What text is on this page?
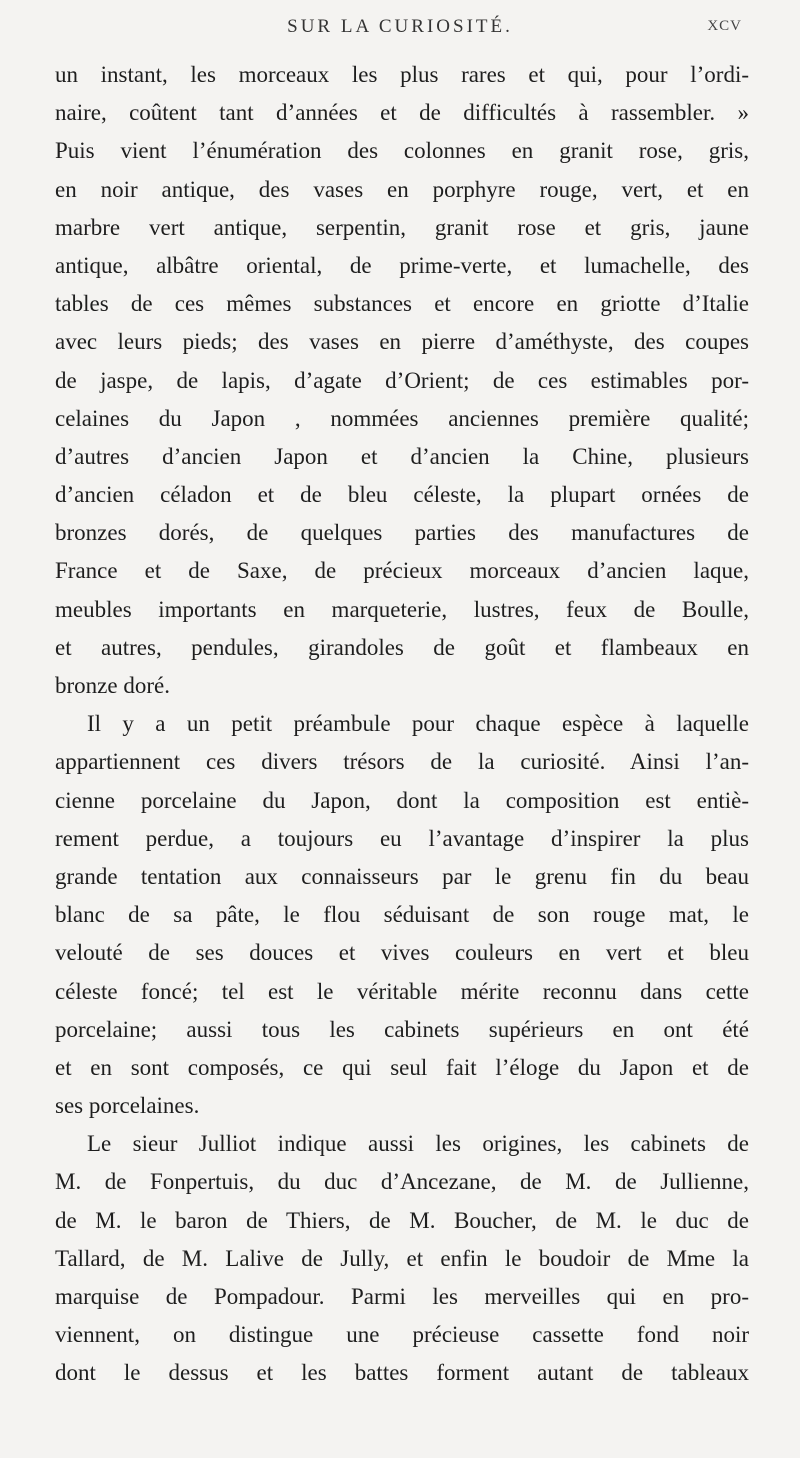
SUR LA CURIOSITÉ.	XCV
un instant, les morceaux les plus rares et qui, pour l’ordi-
naire, coûtent tant d’années et de difficultés à rassembler. »
Puis vient l’énumération des colonnes en granit rose, gris,
en noir antique, des vases en porphyre rouge, vert, et en
marbre vert antique, serpentin, granit rose et gris, jaune
antique, albâtre oriental, de prime-verte, et lumachelle, des
tables de ces mêmes substances et encore en griotte d’Italie
avec leurs pieds; des vases en pierre d’améthyste, des coupes
de jaspe, de lapis, d’agate d’Orient; de ces estimables por-
celaines du Japon , nommées anciennes première qualité;
d’autres d’ancien Japon et d’ancien la Chine, plusieurs
d’ancien céladon et de bleu céleste, la plupart ornées de
bronzes dorés, de quelques parties des manufactures de
France et de Saxe, de précieux morceaux d’ancien laque,
meubles importants en marqueterie, lustres, feux de Boulle,
et autres, pendules, girandoles de goût et flambeaux en
bronze doré.
Il y a un petit préambule pour chaque espèce à laquelle
appartiennent ces divers trésors de la curiosité. Ainsi l’an-
cienne porcelaine du Japon, dont la composition est entiè-
rement perdue, a toujours eu l’avantage d’inspirer la plus
grande tentation aux connaisseurs par le grenu fin du beau
blanc de sa pâte, le flou séduisant de son rouge mat, le
velouté de ses douces et vives couleurs en vert et bleu
céleste foncé; tel est le véritable mérite reconnu dans cette
porcelaine; aussi tous les cabinets supérieurs en ont été
et en sont composés, ce qui seul fait l’éloge du Japon et de
ses porcelaines.
Le sieur Julliot indique aussi les origines, les cabinets de
M. de Fonpertuis, du duc d’Ancezane, de M. de Jullienne,
de M. le baron de Thiers, de M. Boucher, de M. le duc de
Tallard, de M. Lalive de Jully, et enfin le boudoir de Mme la
marquise de Pompadour. Parmi les merveilles qui en pro-
viennent, on distingue une précieuse cassette fond noir
dont le dessus et les battes forment autant de tableaux
